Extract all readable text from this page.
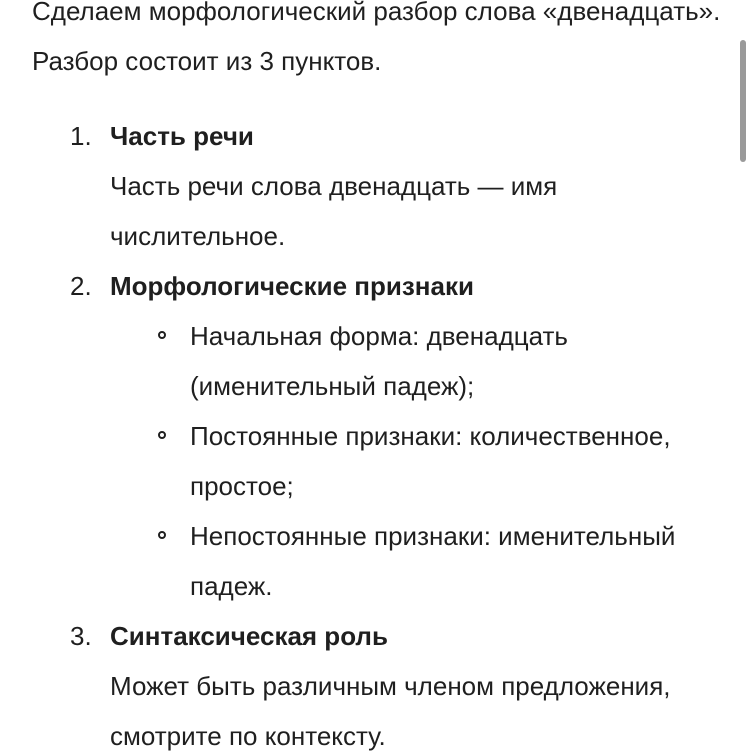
Сделаем морфологический разбор слова «двенадцать». Разбор состоит из 3 пунктов.

1. Часть речи
Часть речи слова двенадцать — имя числительное.
2. Морфологические признаки
Начальная форма: двенадцать (именительный падеж);
Постоянные признаки: количественное, простое;
Непостоянные признаки: именительный падеж.
3. Синтаксическая роль
Может быть различным членом предложения, смотрите по контексту.
